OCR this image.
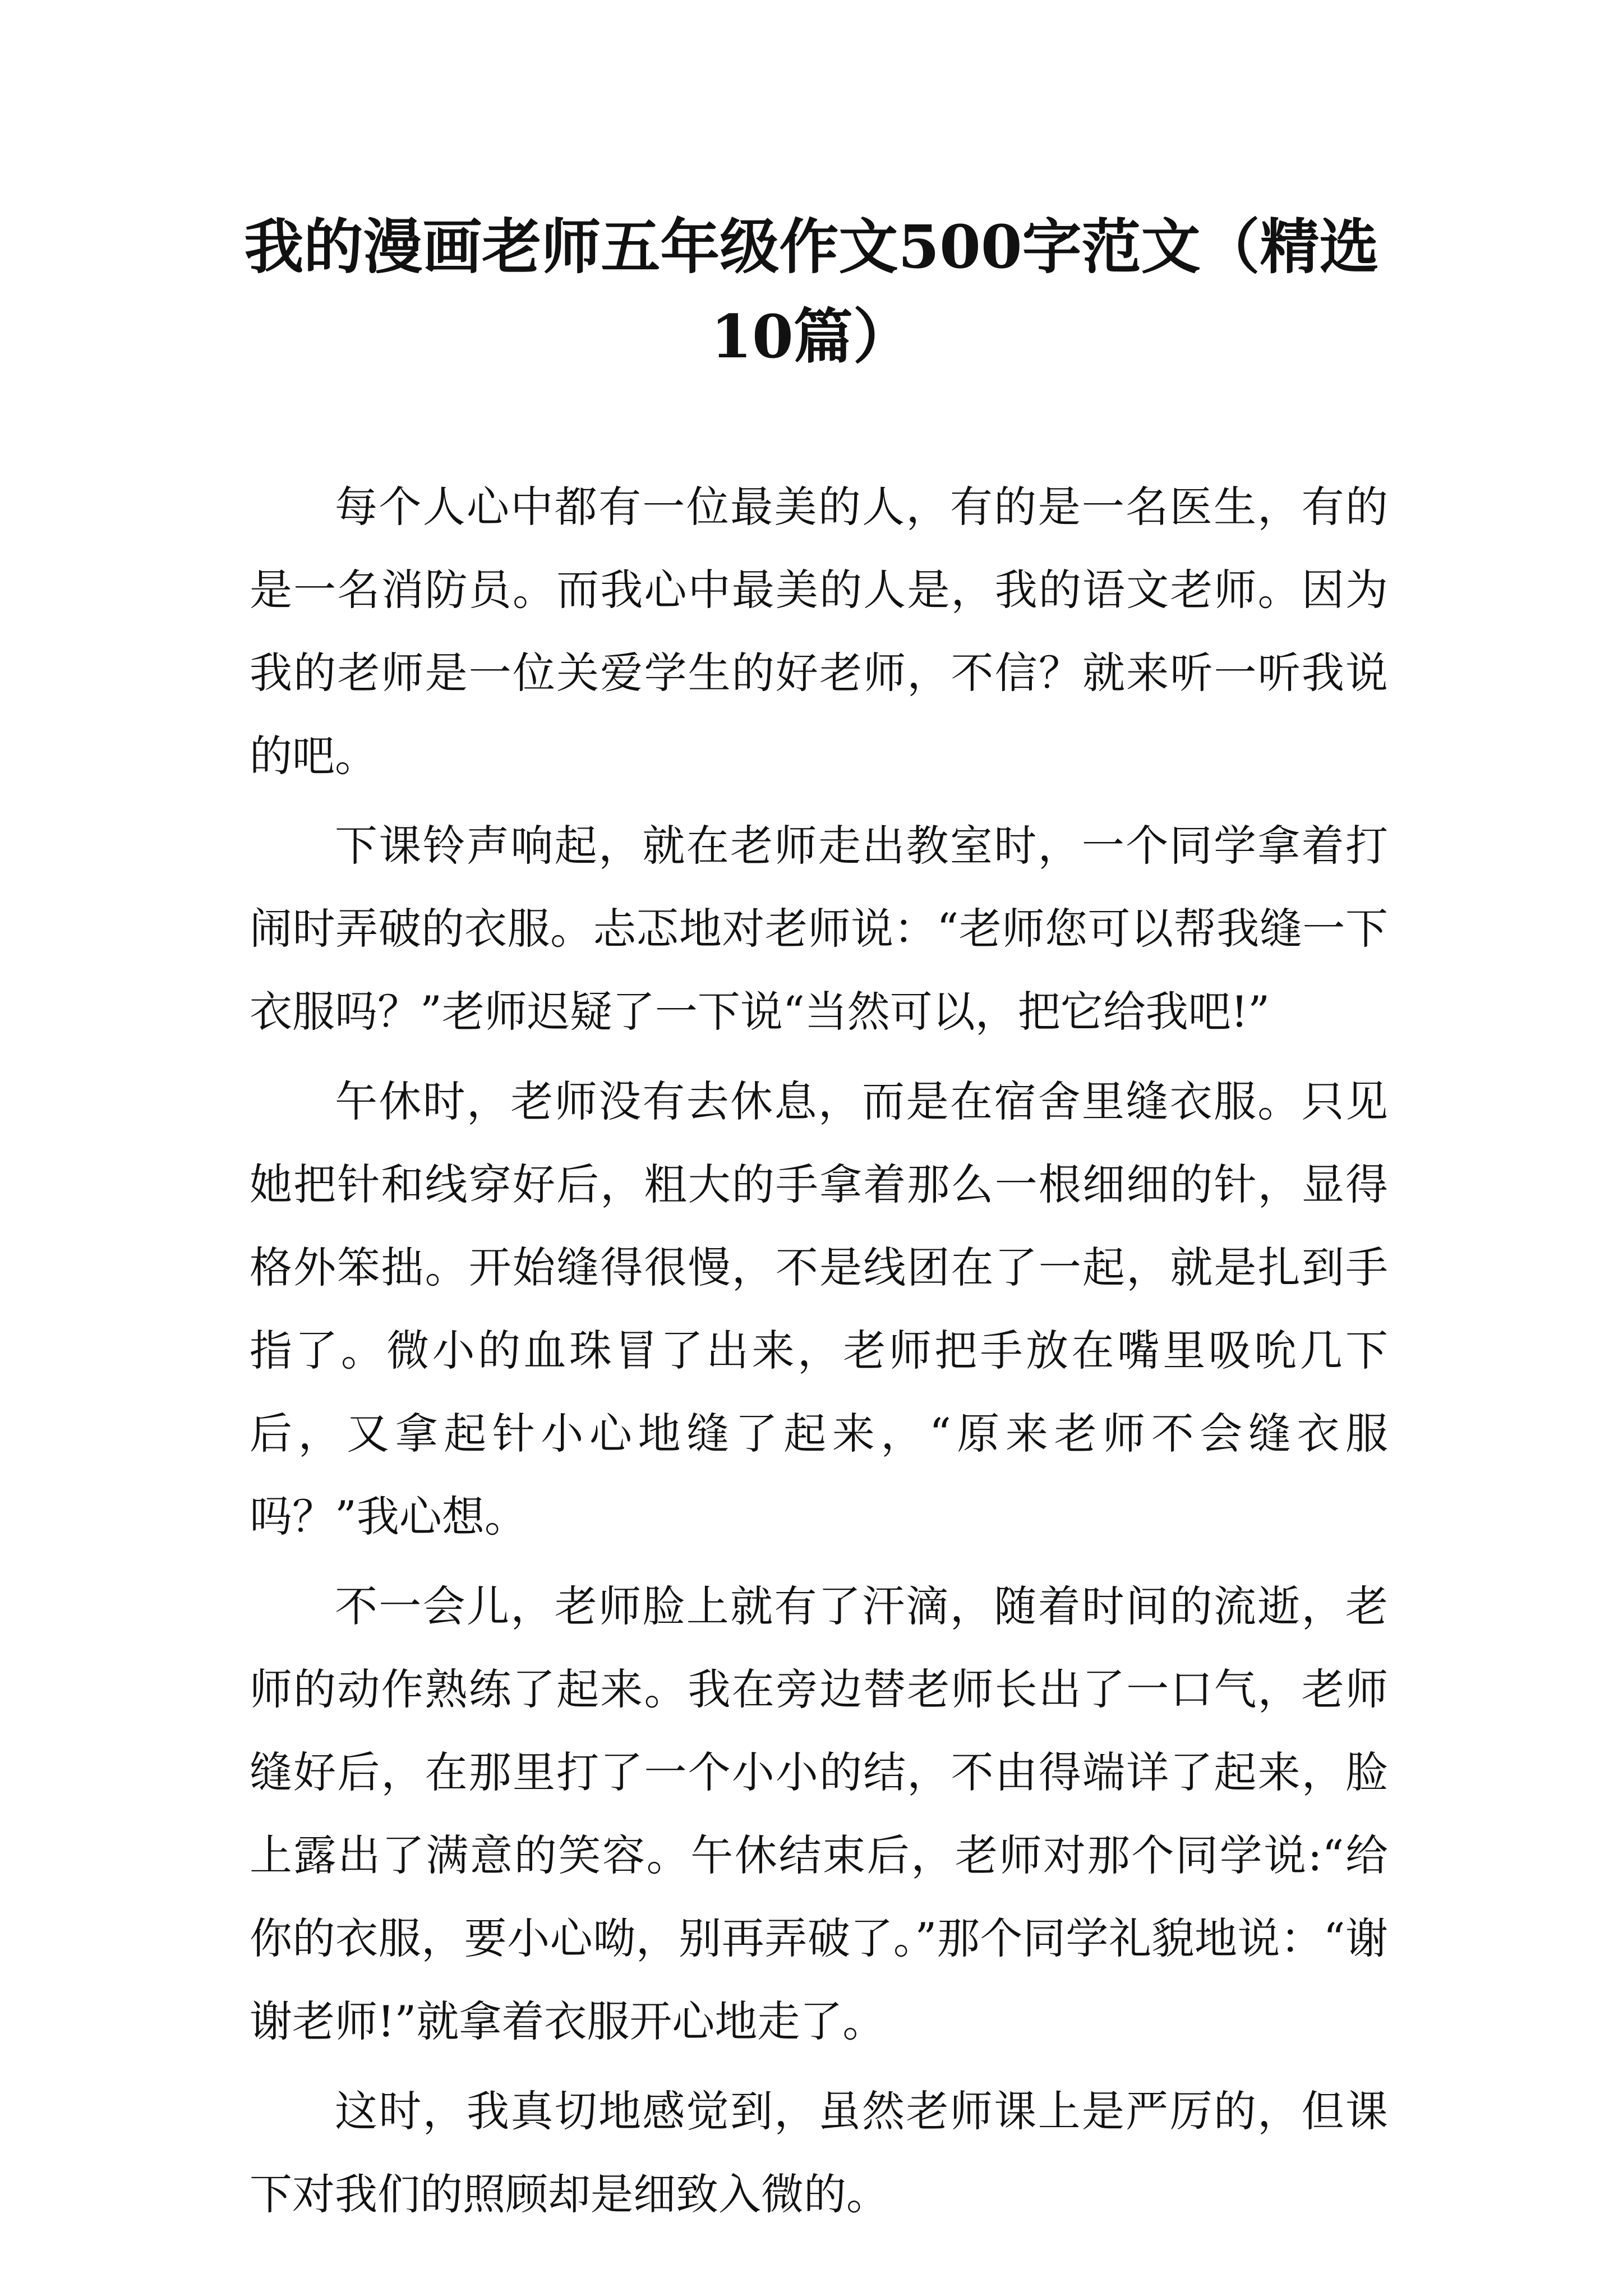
我的漫画老师五年级作文500字范文（精选10篇）

每个人心中都有一位最美的人，有的是一名医生，有的是一名消防员。而我心中最美的人是，我的语文老师。因为我的老师是一位关爱学生的好老师，不信？就来听一听我说的吧。

下课铃声响起，就在老师走出教室时，一个同学拿着打闹时弄破的衣服。忐忑地对老师说：“老师您可以帮我缝一下衣服吗？”老师迟疑了一下说“当然可以，把它给我吧!”

午休时，老师没有去休息，而是在宿舍里缝衣服。只见她把针和线穿好后，粗大的手拿着那么一根细细的针，显得格外笨拙。开始缝得很慢，不是线团在了一起，就是扎到手指了。微小的血珠冒了出来，老师把手放在嘴里吸吮几下后，又拿起针小心地缝了起来，“原来老师不会缝衣服吗？”我心想。

不一会儿，老师脸上就有了汗滴，随着时间的流逝，老师的动作熟练了起来。我在旁边替老师长出了一口气，老师缝好后，在那里打了一个小小的结，不由得端详了起来，脸上露出了满意的笑容。午休结束后，老师对那个同学说:“给你的衣服，要小心呦，别再弄破了。”那个同学礼貌地说：“谢谢老师!”就拿着衣服开心地走了。

这时，我真切地感觉到，虽然老师课上是严厉的，但课下对我们的照顾却是细致入微的。
